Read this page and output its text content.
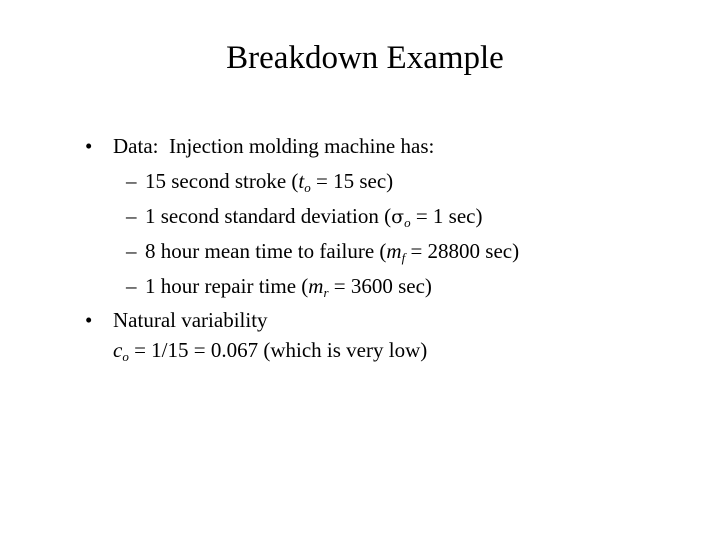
Breakdown Example
• Data: Injection molding machine has:
– 15 second stroke ($t_o = 15$ sec)
– 1 second standard deviation ($\sigma_o = 1$ sec)
– 8 hour mean time to failure ($m_f = 28800$ sec)
– 1 hour repair time ($m_r = 3600$ sec)
• Natural variability
$c_o = 1/15 = 0.067$ (which is very low)
